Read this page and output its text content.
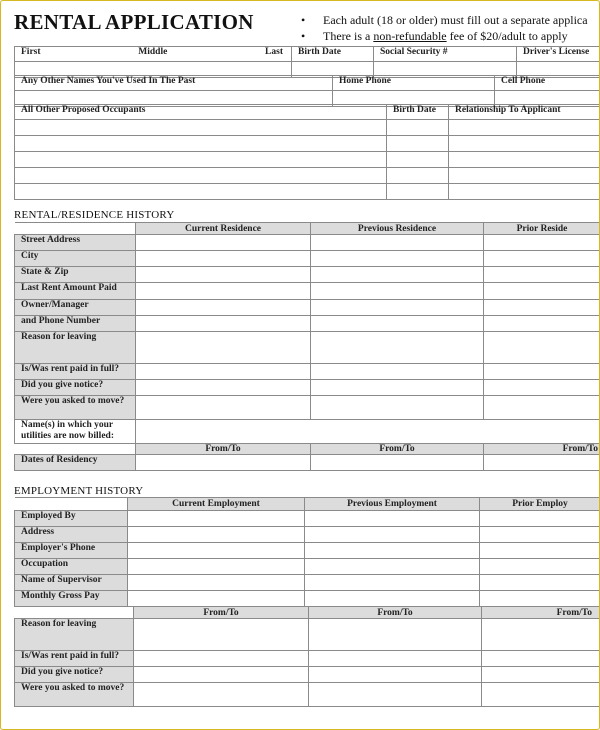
RENTAL APPLICATION	• Each adult (18 or older) must fill out a separate applica
• There is a non-refundable fee of $20/adult to apply
First Middle Last	Birth Date	Social Security #	Driver's License

Any Other Names You've Used In The Past	Home Phone	Cell Phone

All Other Proposed Occupants	Birth Date	Relationship To Applicant

RENTAL/RESIDENCE HISTORY
	Current Residence	Previous Residence	Prior Reside
Street Address			
City			
State & Zip			
Last Rent Amount Paid			
Owner/Manager			
and Phone Number			
Reason for leaving			
Is/Was rent paid in full?			
Did you give notice?			
Were you asked to move?			
Name(s) in which your utilities are now billed:			
	From/To	From/To	From/To
Dates of Residency			
EMPLOYMENT HISTORY
	Current Employment	Previous Employment	Prior Employ
Employed By			
Address			
Employer's Phone			
Occupation			
Name of Supervisor			
Monthly Gross Pay			
	From/To	From/To	From/To
Reason for leaving			
Is/Was rent paid in full?			
Did you give notice?			
Were you asked to move?			
